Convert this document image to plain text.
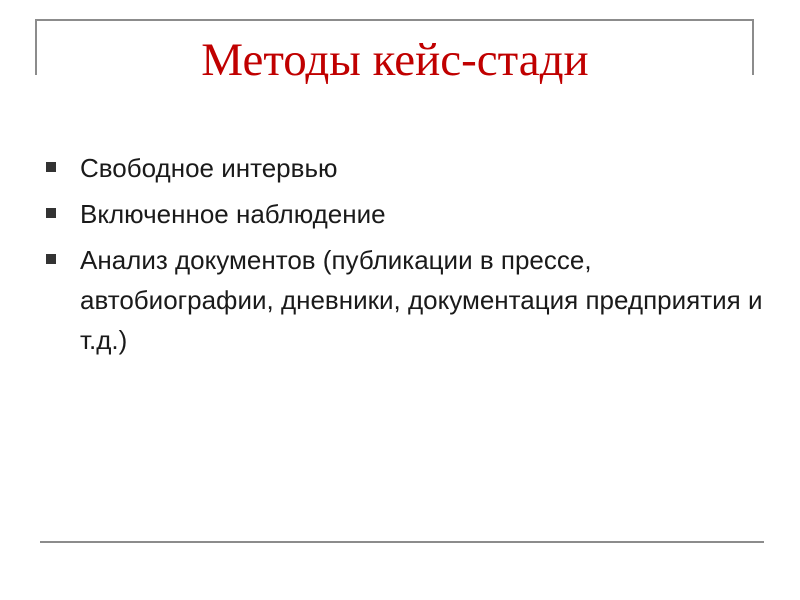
Методы кейс-стади
Свободное интервью
Включенное наблюдение
Анализ документов (публикации в прессе, автобиографии, дневники, документация предприятия и т.д.)
